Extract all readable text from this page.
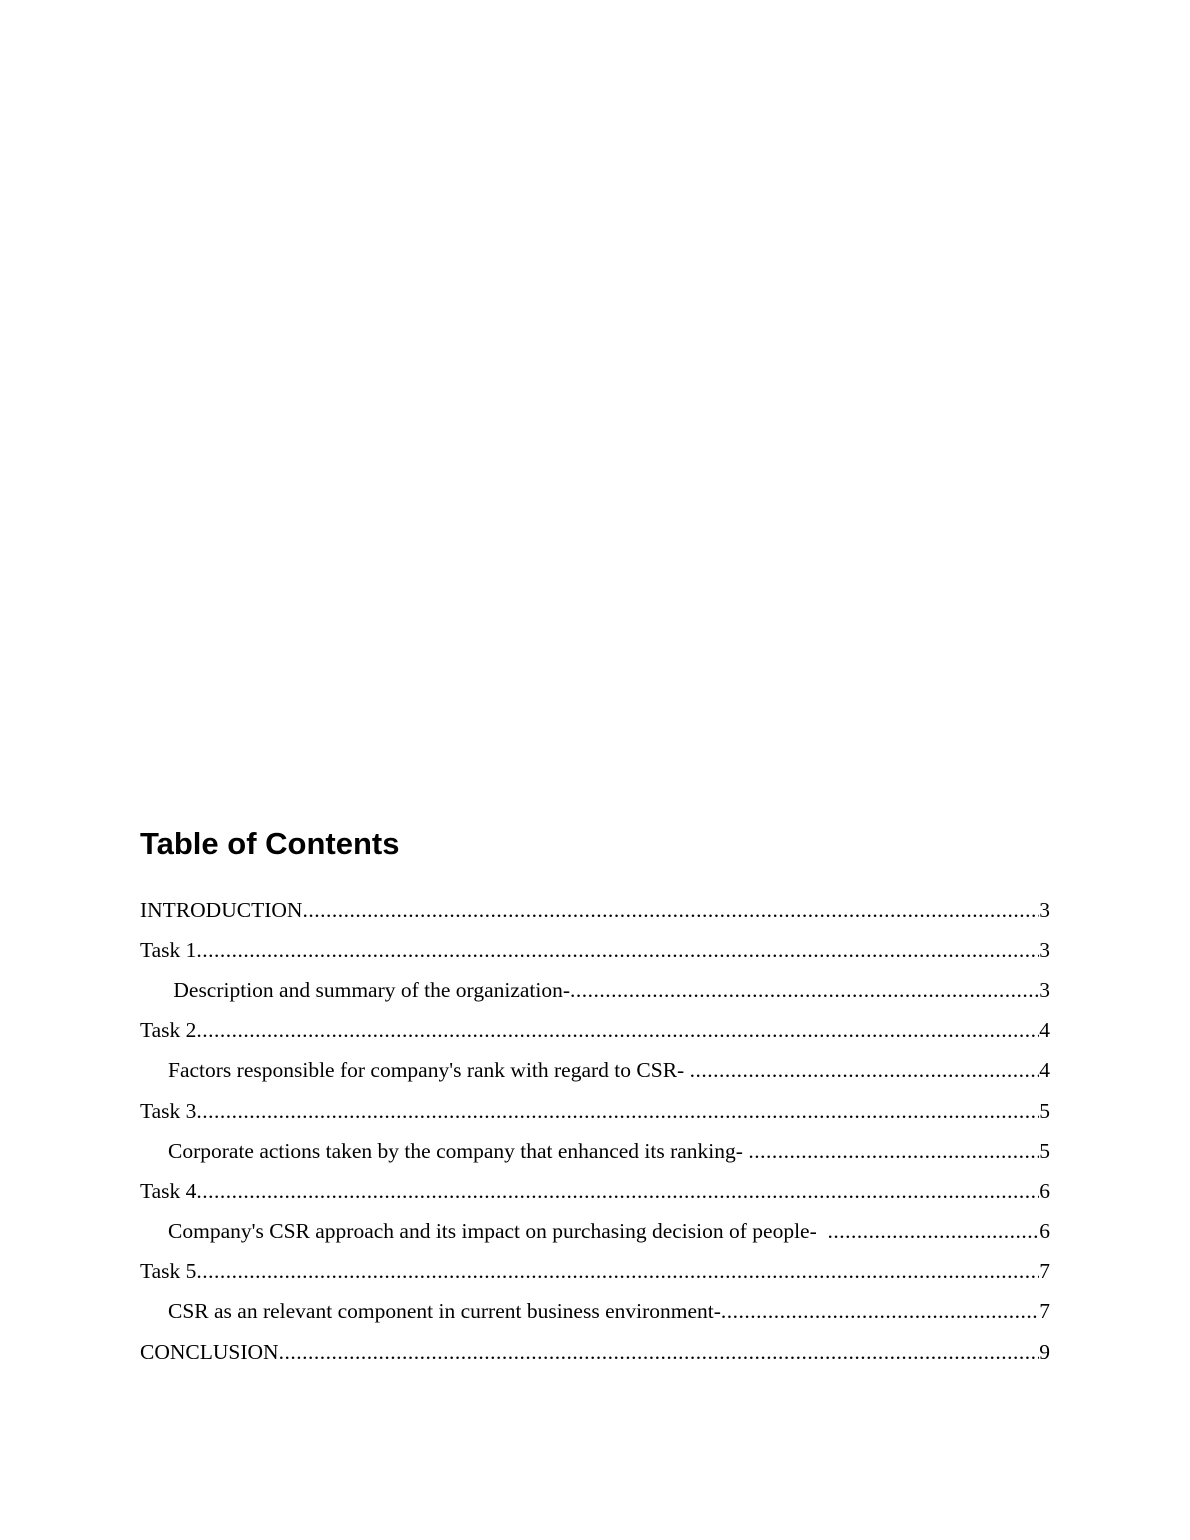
Table of Contents
INTRODUCTION .....	3
Task 1 .....	3
Description and summary of the organization- .....	3
Task 2 .....	4
Factors responsible for company's rank with regard to CSR- .....	4
Task 3 .....	5
Corporate actions taken by the company that enhanced its ranking- .....	5
Task 4 .....	6
Company's CSR approach and its impact on purchasing decision of people- .....	6
Task 5 .....	7
CSR as an relevant component in current business environment- .....	7
CONCLUSION .....	9
